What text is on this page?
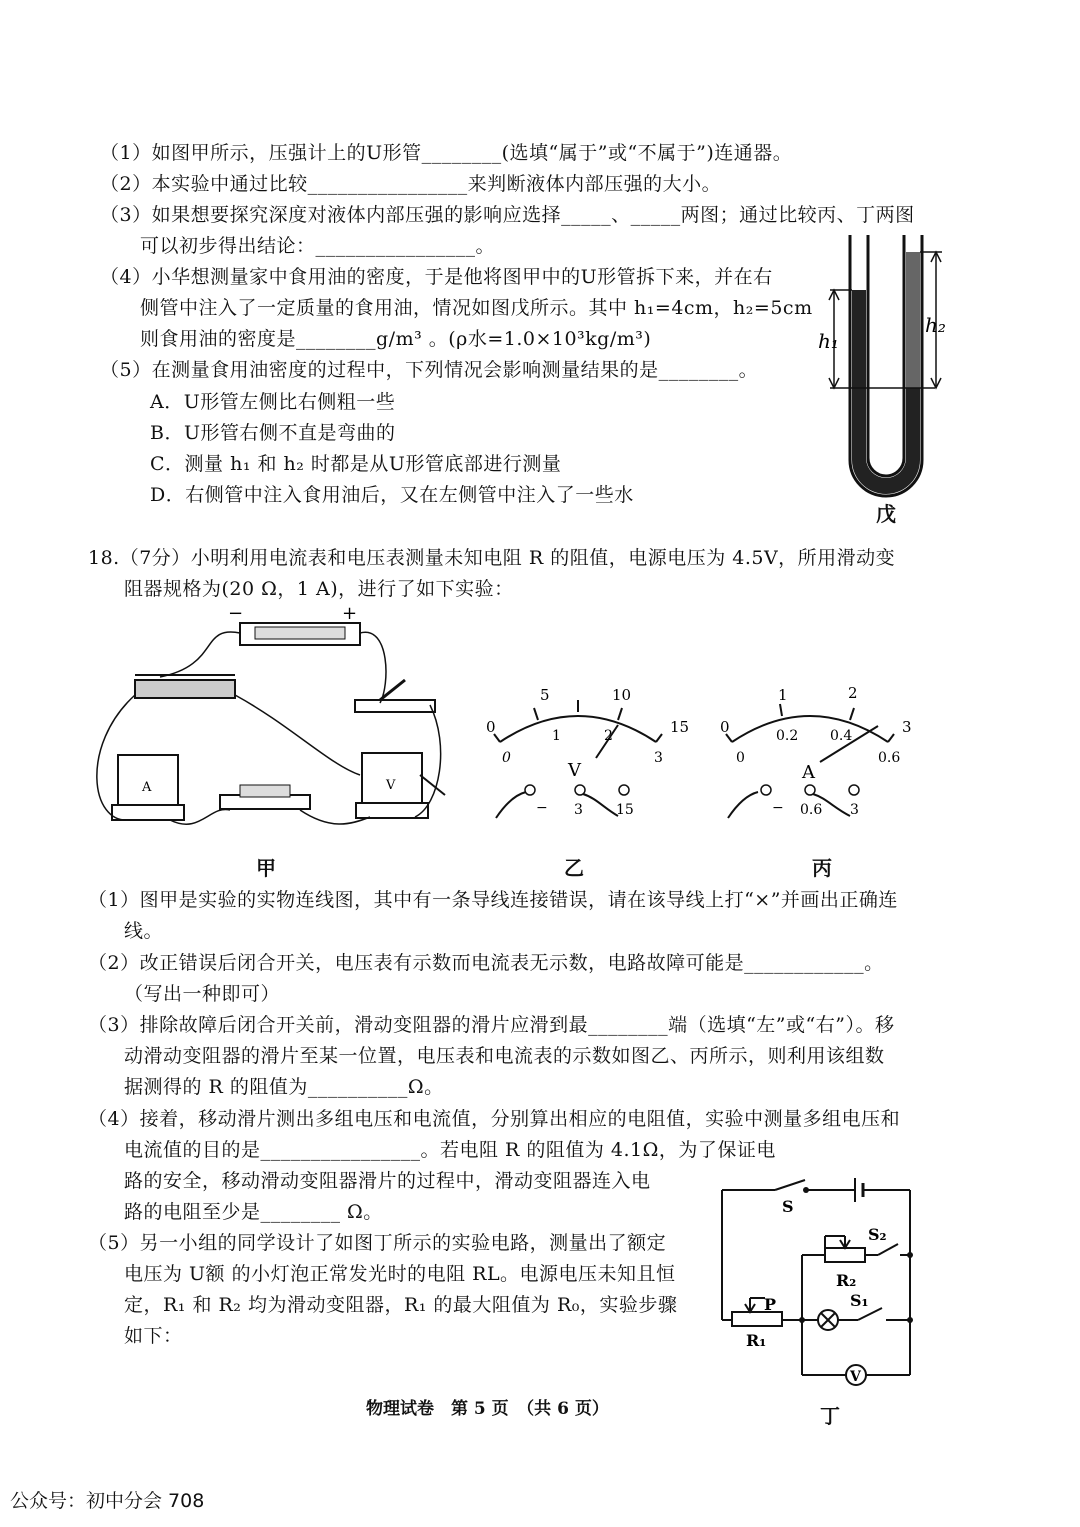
（1）如图甲所示，压强计上的U形管________(选填“属于”或“不属于”)连通器。
（2）本实验中通过比较________________来判断液体内部压强的大小。
（3）如果想要探究深度对液体内部压强的影响应选择_____、_____两图；通过比较丙、丁两图
可以初步得出结论：________________。
（4）小华想测量家中食用油的密度，于是他将图甲中的U形管拆下来，并在右
侧管中注入了一定质量的食用油，情况如图戊所示。其中 h₁=4cm，h₂=5cm
则食用油的密度是________g/m³ 。(ρ水=1.0×10³kg/m³)
（5）在测量食用油密度的过程中，下列情况会影响测量结果的是________。
A．U形管左侧比右侧粗一些
B．U形管右侧不直是弯曲的
C．测量 h₁ 和 h₂ 时都是从U形管底部进行测量
D．右侧管中注入食用油后，又在左侧管中注入了一些水
h₁
h₂
戊
18.（7分）小明利用电流表和电压表测量未知电阻 R 的阻值，电源电压为 4.5V，所用滑动变
阻器规格为(20 Ω，1 A)，进行了如下实验：
−	+
A	V
甲
0
5	10
15
0
1	2
3
V
− 3 15
乙
0
1	2
3
0
0.2 0.4
0.6
A
− 0.6 3
丙
（1）图甲是实验的实物连线图，其中有一条导线连接错误，请在该导线上打“×”并画出正确连
线。
（2）改正错误后闭合开关，电压表有示数而电流表无示数，电路故障可能是____________。
（写出一种即可）
（3）排除故障后闭合开关前，滑动变阻器的滑片应滑到最________端（选填“左”或“右”）。移
动滑动变阻器的滑片至某一位置，电压表和电流表的示数如图乙、丙所示，则利用该组数
据测得的 R 的阻值为__________Ω。
（4）接着，移动滑片测出多组电压和电流值，分别算出相应的电阻值，实验中测量多组电压和
电流值的目的是________________。若电阻 R 的阻值为 4.1Ω，为了保证电
路的安全，移动滑动变阻器滑片的过程中，滑动变阻器连入电
路的电阻至少是________ Ω。
（5）另一小组的同学设计了如图丁所示的实验电路，测量出了额定
电压为 U额 的小灯泡正常发光时的电阻 RL。电源电压未知且恒
定，R₁ 和 R₂ 均为滑动变阻器，R₁ 的最大阻值为 R₀，实验步骤
如下：
S
P
R₁
R₂
S₂
S₁
V
丁
物理试卷　第 5 页　（共 6 页）
公众号：初中分会 708
